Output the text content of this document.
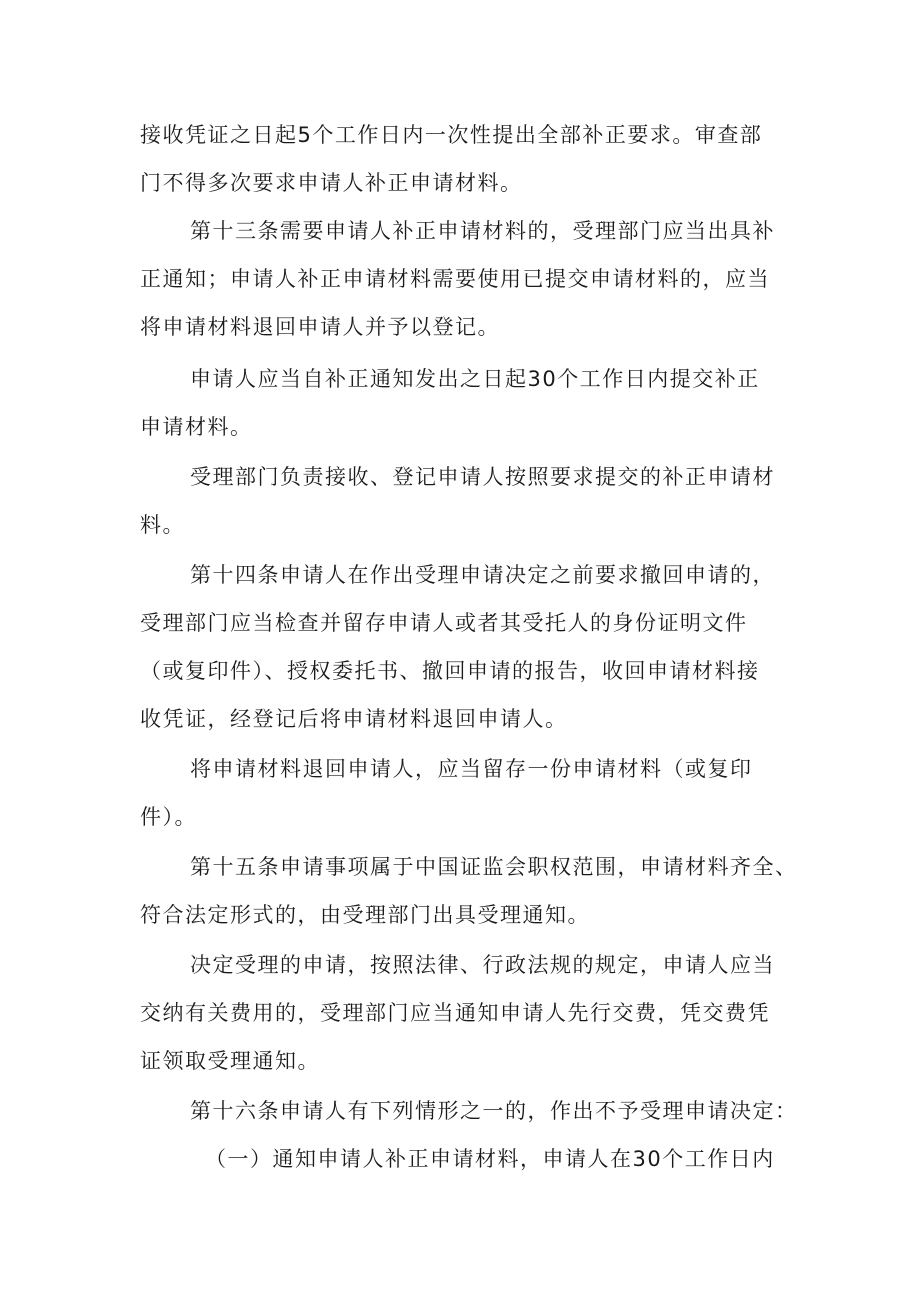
接收凭证之日起5个工作日内一次性提出全部补正要求。审查部
门不得多次要求申请人补正申请材料。
第十三条需要申请人补正申请材料的，受理部门应当出具补
正通知；申请人补正申请材料需要使用已提交申请材料的，应当
将申请材料退回申请人并予以登记。
申请人应当自补正通知发出之日起30个工作日内提交补正
申请材料。
受理部门负责接收、登记申请人按照要求提交的补正申请材
料。
第十四条申请人在作出受理申请决定之前要求撤回申请的，
受理部门应当检查并留存申请人或者其受托人的身份证明文件
（或复印件）、授权委托书、撤回申请的报告，收回申请材料接
收凭证，经登记后将申请材料退回申请人。
将申请材料退回申请人，应当留存一份申请材料（或复印
件）。
第十五条申请事项属于中国证监会职权范围，申请材料齐全、
符合法定形式的，由受理部门出具受理通知。
决定受理的申请，按照法律、行政法规的规定，申请人应当
交纳有关费用的，受理部门应当通知申请人先行交费，凭交费凭
证领取受理通知。
第十六条申请人有下列情形之一的，作出不予受理申请决定：
（一）通知申请人补正申请材料，申请人在30个工作日内
